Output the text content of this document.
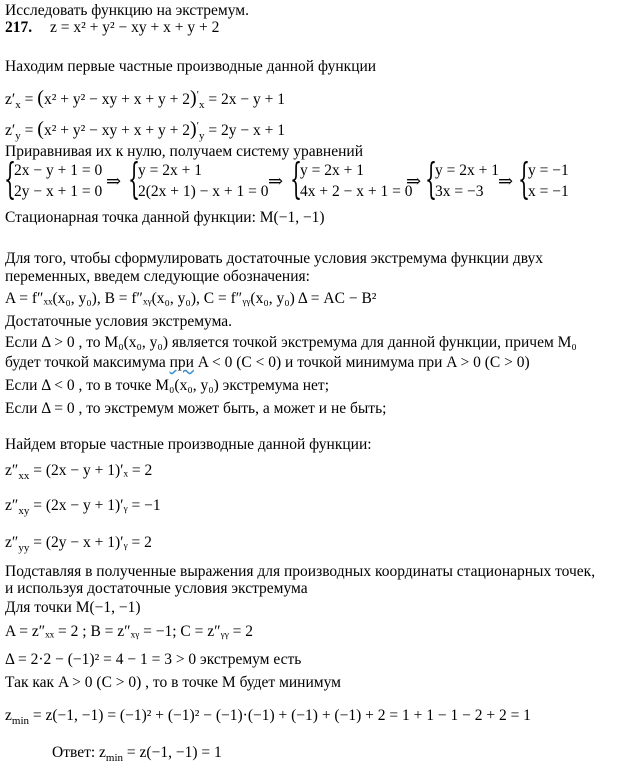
Исследовать функцию на экстремум.
217. z = x² + y² − xy + x + y + 2
Находим первые частные производные данной функции
$z'_x = (x^2 + y^2$ − xy + $x + y + 2)'_x = 2x - y + 1$
$z'_y = (x^2 + y^2$ − xy + $x + y + 2)'_y = 2y - x + 1$
Приравнивая их к нулю, получаем систему уравнений
{
2x − y + 1 = 0
2y − x + 1 = 0
⇒ {
y = 2x + 1
2(2x + 1) − x + 1 = 0
⇒ {
y = 2x + 1
4x + 2 − x + 1 = 0
⇒ {
y = 2x + 1
3x = −3
⇒ {
y = −1
x = −1
Стационарная точка данной функции: M(−1, −1)
Для того, чтобы сформулировать достаточные условия экстремума функции двух
переменных, введем следующие обозначения:
A = f″ₓₓ(x₀, y₀), B = f″ₓᵧ(x₀, y₀), C = f″ᵧᵧ(x₀, y₀) Δ = AC − B²
Достаточные условия экстремума.
Если Δ > 0 , то M₀(x₀, y₀) является точкой экстремума для данной функции, причем M₀
будет точкой максимума при A < 0 (C < 0) и точкой минимума при A > 0 (C > 0)
Если Δ < 0 , то в точке M₀(x₀, y₀) экстремума нет;
Если Δ = 0 , то экстремум может быть, а может и не быть;
Найдем вторые частные производные данной функции:
$z''_{xx} = (2x - y + 1)'_x = 2$
$z''_{xy} = (2x - y$ + 1)′ᵧ = −1
$z''_{yy} = (2y - x$ + 1)′ᵧ = 2
Подставляя в полученные выражения для производных координаты стационарных точек,
и используя достаточные условия экстремума
Для точки M(−1, −1)
A = z″ₓₓ = 2 ; B = z″ₓᵧ = −1; C = z″ᵧᵧ = 2
Δ = 2·2 − (−1)² = 4 − 1 = 3 > 0 экстремум есть
Так как A > 0 (C > 0) , то в точке M будет минимум
$z_{min} = z(-1$, −1) = (−1)² + (−1)² − (−1)·(−1) + (−1) + (−1) + 2 = 1 + 1 − 1 − 2 + 2 = 1
Ответ: $z_{min} = z(-1$, −1) = 1
